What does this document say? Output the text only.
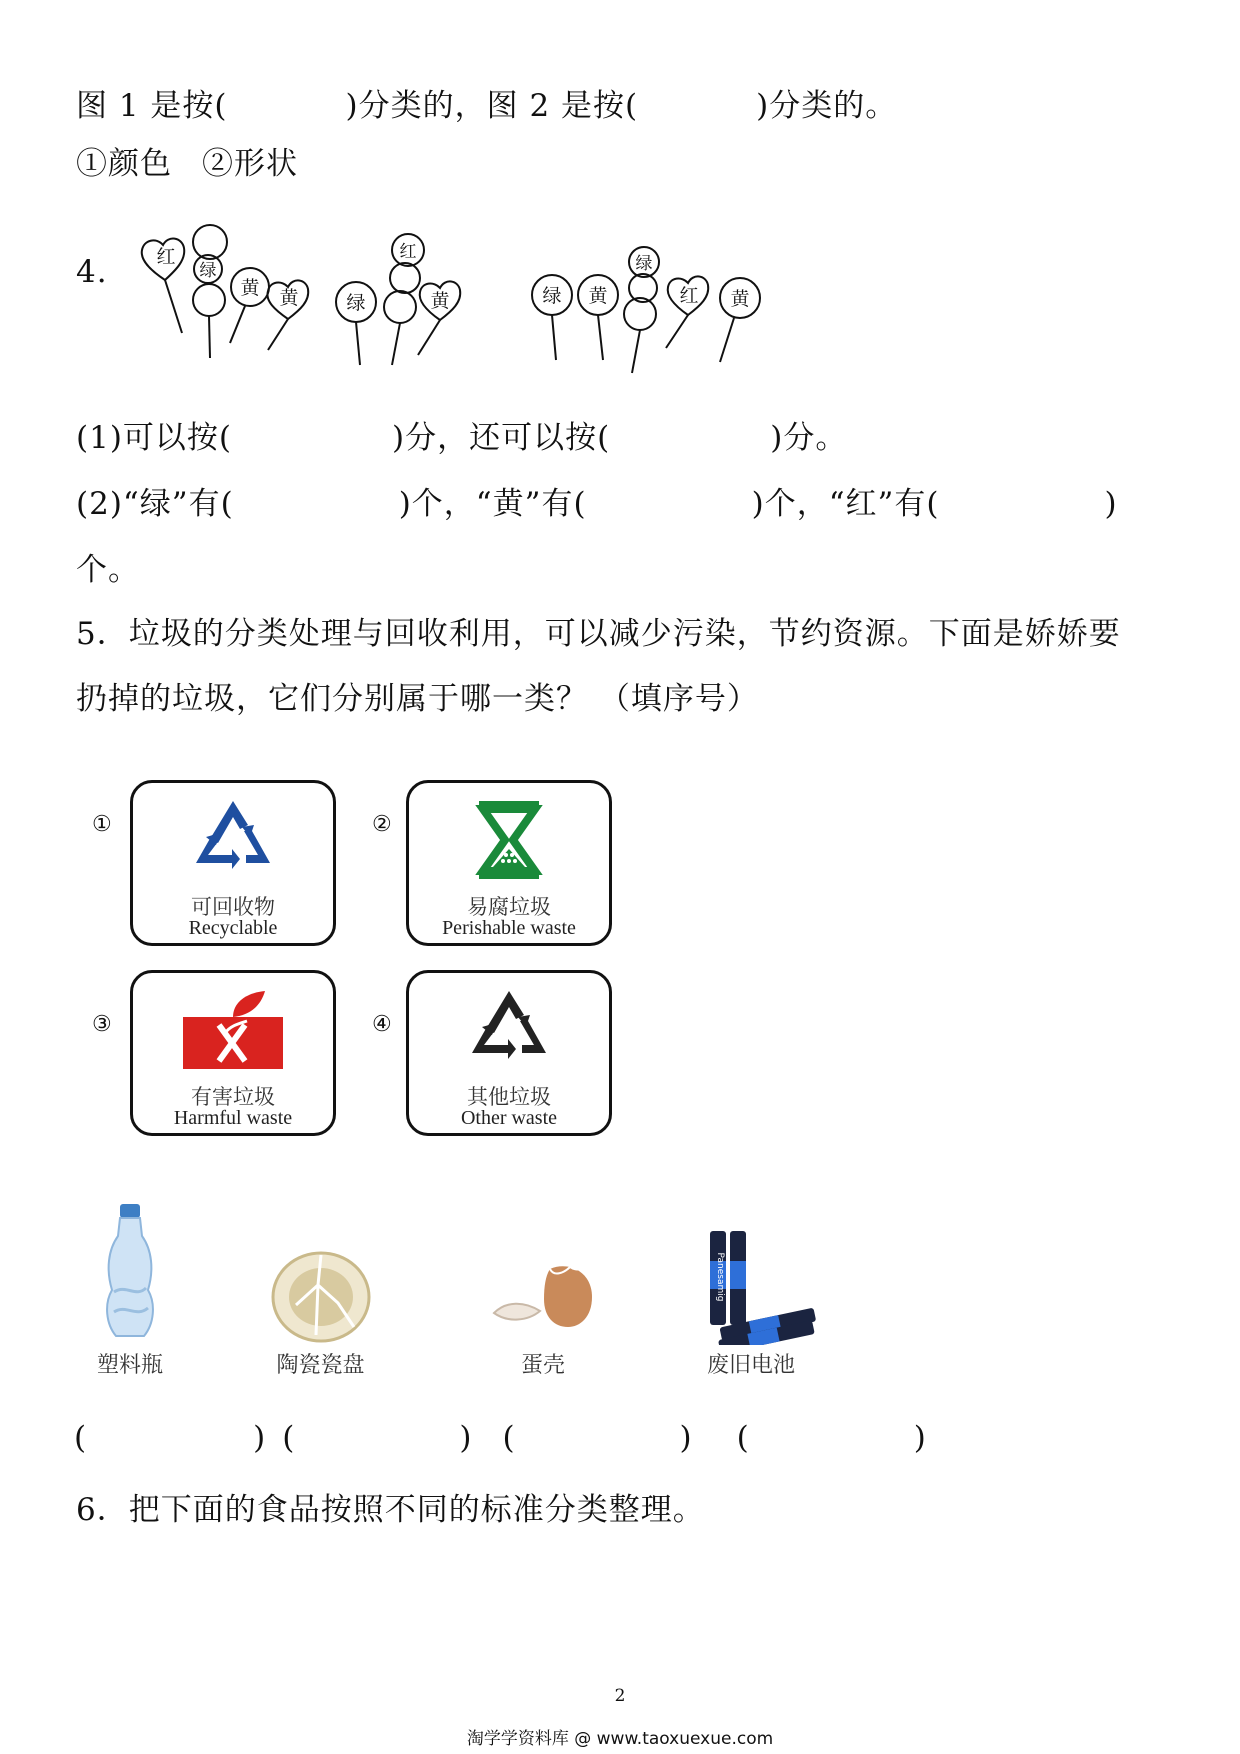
图 1 是按(	)分类的，图 2 是按(	)分类的。
①颜色 ②形状
4.	红
绿
黄 黄	绿
红
黄	绿 黄
绿
红 黄
(1)可以按(	)分，还可以按(	)分。
(2)“绿”有(	)个，“黄”有(	)个，“红”有(	)
个。
5．垃圾的分类处理与回收利用，可以减少污染，节约资源。下面是娇娇要
扔掉的垃圾，它们分别属于哪一类？ （填序号）
①
可回收物
Recyclable
②
易腐垃圾
Perishable waste
③
有害垃圾
Harmful waste
④
其他垃圾
Other waste
塑料瓶	陶瓷瓷盘	蛋壳
Panesamig
废旧电池
(	) (	) (	) (	)
6．把下面的食品按照不同的标准分类整理。
2
淘学学资料库 @ www.taoxuexue.com
